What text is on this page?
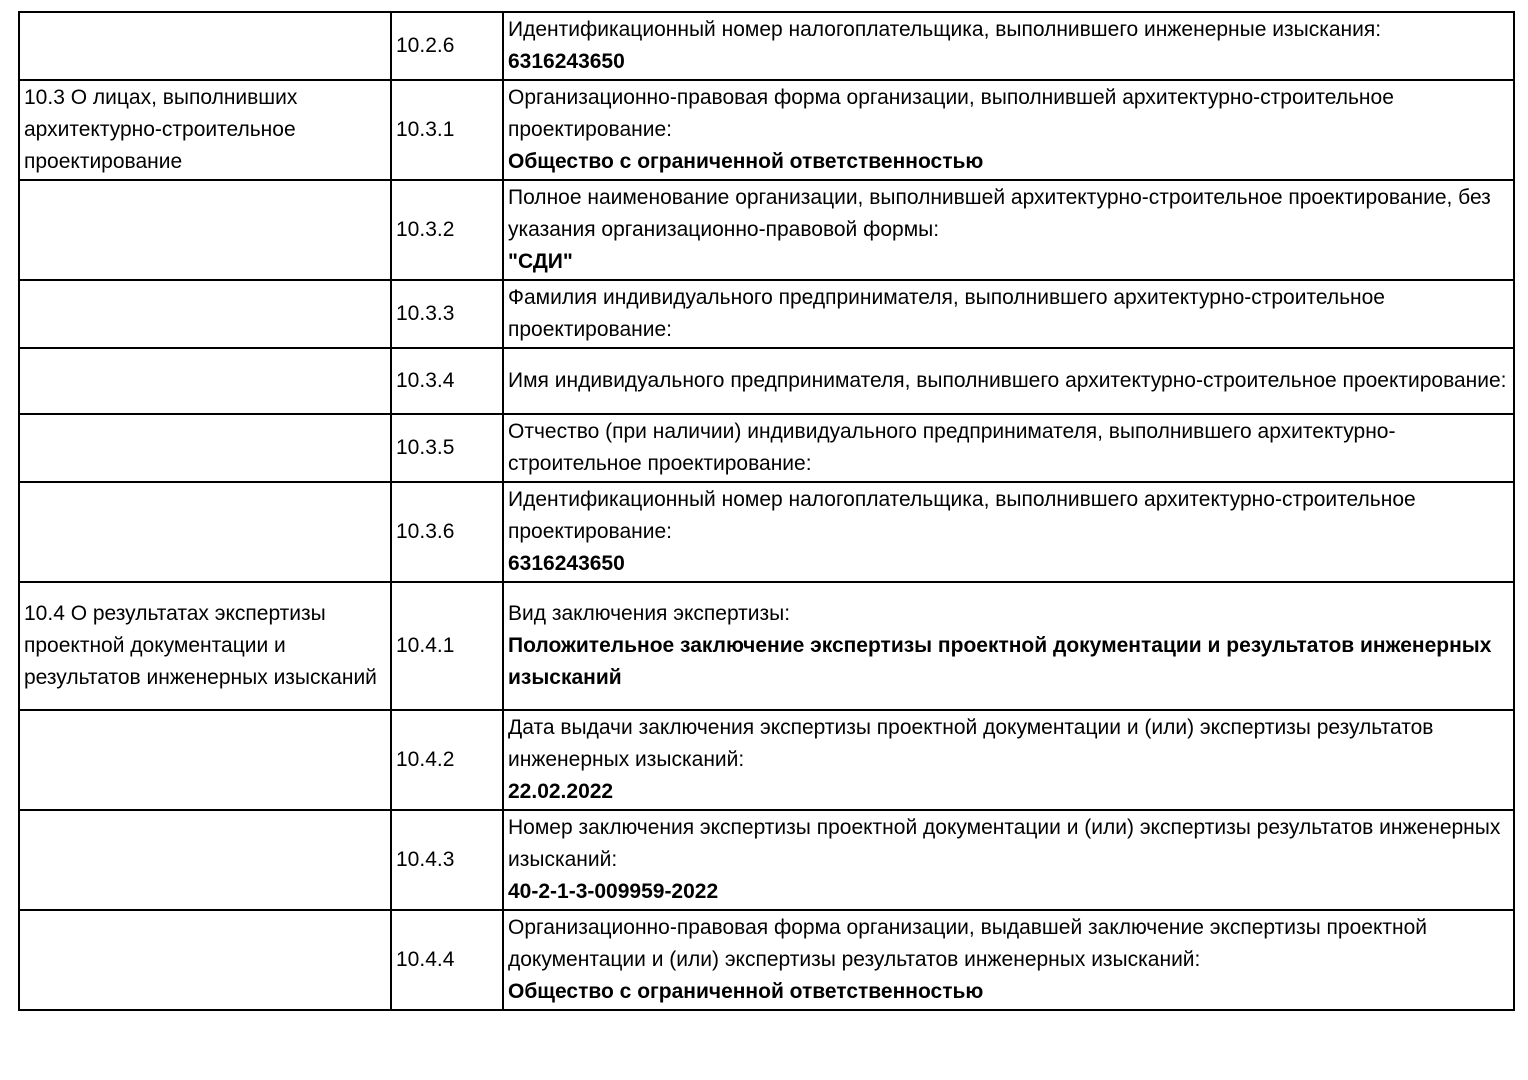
	10.2.6	Идентификационный номер налогоплательщика, выполнившего инженерные изыскания:
6316243650

10.3 О лицах, выполнивших архитектурно-строительное проектирование	10.3.1	Организационно-правовая форма организации, выполнившей архитектурно-строительное проектирование:
Общество с ограниченной ответственностью

	10.3.2	Полное наименование организации, выполнившей архитектурно-строительное проектирование, без указания организационно-правовой формы:
"СДИ"

	10.3.3	Фамилия индивидуального предпринимателя, выполнившего архитектурно-строительное проектирование:

	10.3.4	Имя индивидуального предпринимателя, выполнившего архитектурно-строительное проектирование:

	10.3.5	Отчество (при наличии) индивидуального предпринимателя, выполнившего архитектурно-строительное проектирование:

	10.3.6	Идентификационный номер налогоплательщика, выполнившего архитектурно-строительное проектирование:
6316243650

10.4 О результатах экспертизы проектной документации и результатов инженерных изысканий	10.4.1	Вид заключения экспертизы:
Положительное заключение экспертизы проектной документации и результатов инженерных изысканий

	10.4.2	Дата выдачи заключения экспертизы проектной документации и (или) экспертизы результатов инженерных изысканий:
22.02.2022

	10.4.3	Номер заключения экспертизы проектной документации и (или) экспертизы результатов инженерных изысканий:
40-2-1-3-009959-2022

	10.4.4	Организационно-правовая форма организации, выдавшей заключение экспертизы проектной документации и (или) экспертизы результатов инженерных изысканий:
Общество с ограниченной ответственностью
